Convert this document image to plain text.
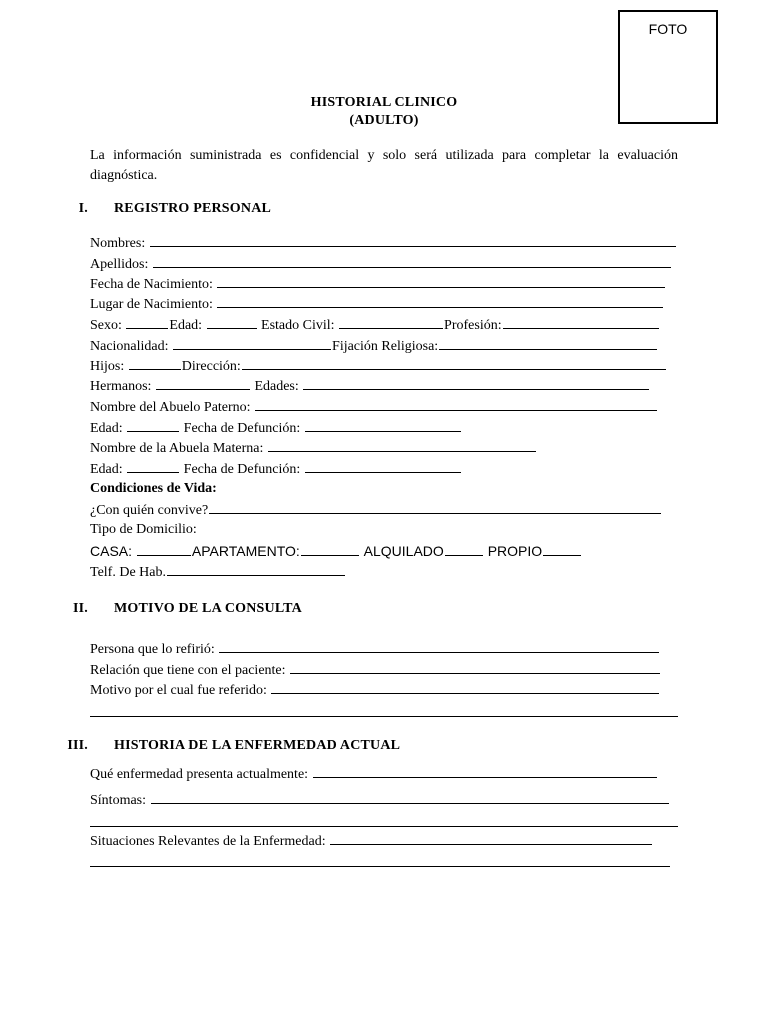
FOTO
HISTORIAL CLINICO
(ADULTO)
La información suministrada es confidencial y solo será utilizada para completar la evaluación diagnóstica.
I. REGISTRO PERSONAL
Nombres:
Apellidos:
Fecha de Nacimiento:
Lugar de Nacimiento:
Sexo:	Edad:	Estado Civil:	Profesión:
Nacionalidad:	Fijación Religiosa:
Hijos:	Dirección:
Hermanos:	Edades:
Nombre del Abuelo Paterno:
Edad:	Fecha de Defunción:
Nombre de la Abuela Materna:
Edad:	Fecha de Defunción:
Condiciones de Vida:
¿Con quién convive?
Tipo de Domicilio:
CASA:	APARTAMENTO:	ALQUILADO	PROPIO
Telf. De Hab.
II. MOTIVO DE LA CONSULTA
Persona que lo refirió:
Relación que tiene con el paciente:
Motivo por el cual fue referido:
III. HISTORIA DE LA ENFERMEDAD ACTUAL
Qué enfermedad presenta actualmente:
Síntomas:
Situaciones Relevantes de la Enfermedad:
